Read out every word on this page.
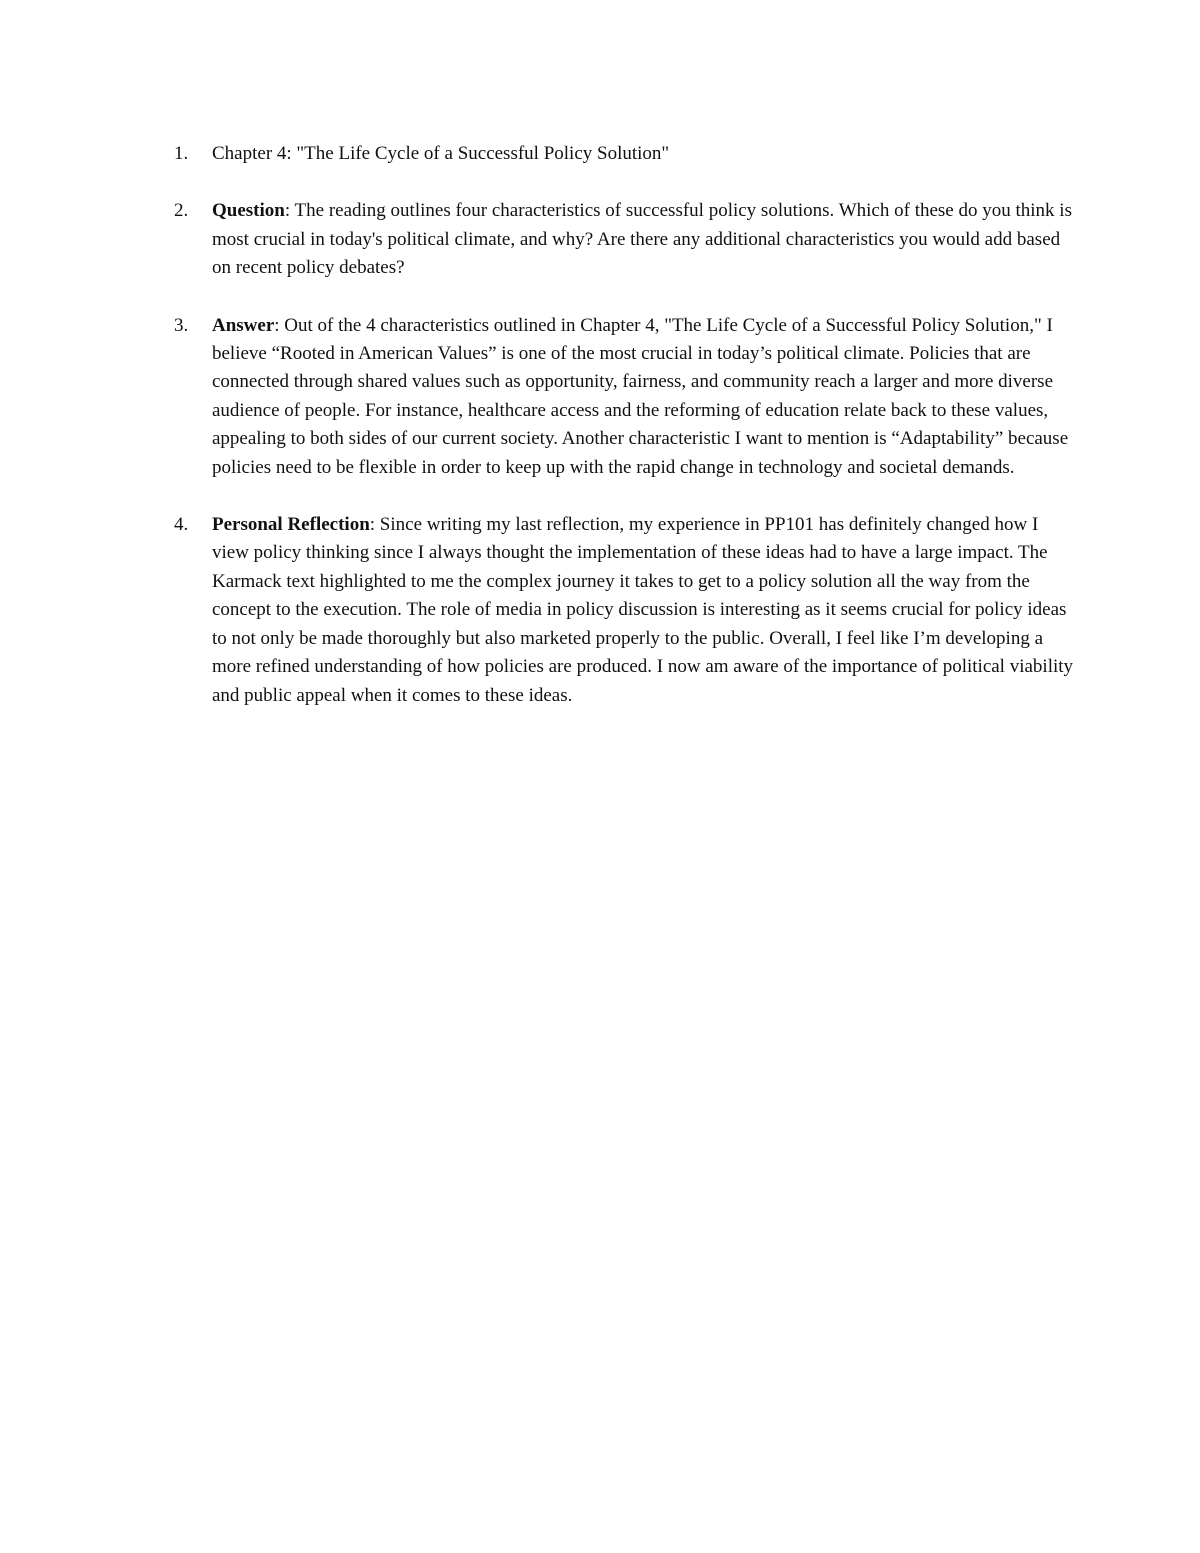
1.	Chapter 4: "The Life Cycle of a Successful Policy Solution"
2.	Question: The reading outlines four characteristics of successful policy solutions. Which of these do you think is most crucial in today's political climate, and why? Are there any additional characteristics you would add based on recent policy debates?
3.	Answer: Out of the 4 characteristics outlined in Chapter 4, "The Life Cycle of a Successful Policy Solution," I believe “Rooted in American Values” is one of the most crucial in today’s political climate. Policies that are connected through shared values such as opportunity, fairness, and community reach a larger and more diverse audience of people. For instance, healthcare access and the reforming of education relate back to these values, appealing to both sides of our current society. Another characteristic I want to mention is “Adaptability” because policies need to be flexible in order to keep up with the rapid change in technology and societal demands.
4.	Personal Reflection: Since writing my last reflection, my experience in PP101 has definitely changed how I view policy thinking since I always thought the implementation of these ideas had to have a large impact. The Karmack text highlighted to me the complex journey it takes to get to a policy solution all the way from the concept to the execution. The role of media in policy discussion is interesting as it seems crucial for policy ideas to not only be made thoroughly but also marketed properly to the public. Overall, I feel like I’m developing a more refined understanding of how policies are produced. I now am aware of the importance of political viability and public appeal when it comes to these ideas.
